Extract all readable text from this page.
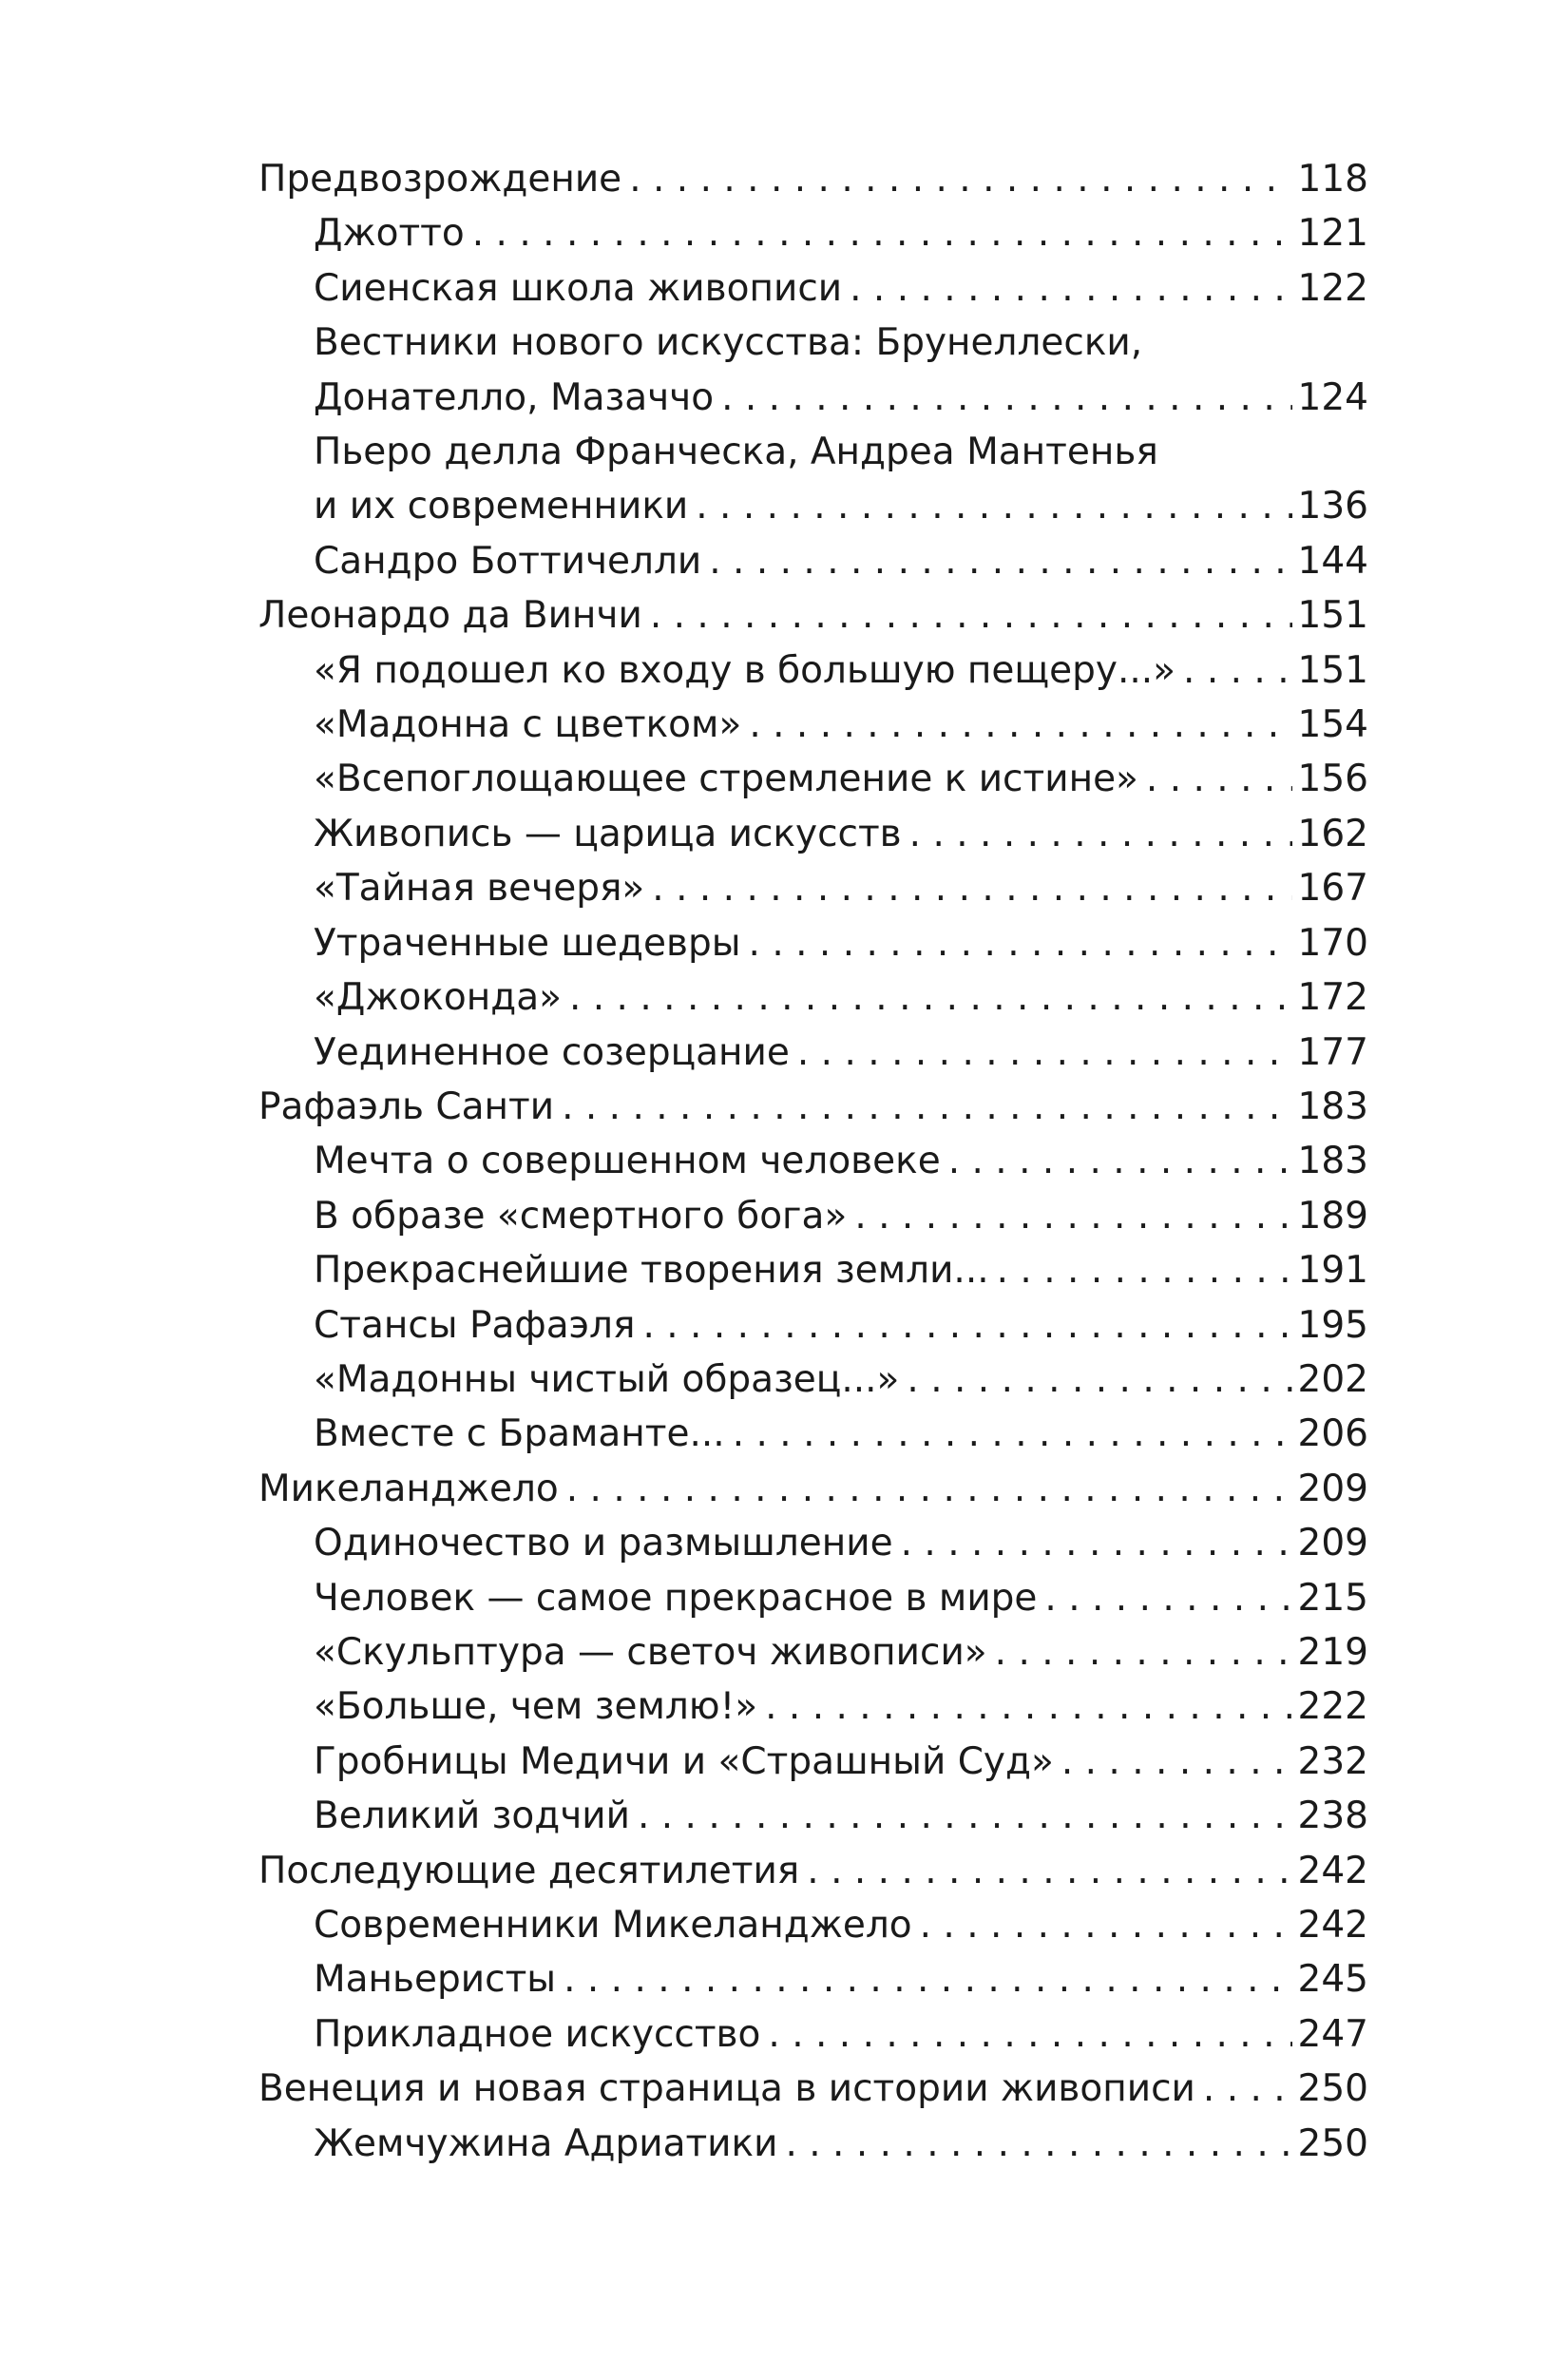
Предвозрождение . . .	118
Джотто . . .	121
Сиенская школа живописи . . .	122
Вестники нового искусства: Брунеллески,
Донателло, Мазаччо . . .	124
Пьеро делла Франческа, Андреа Мантенья
и их современники . . .	136
Сандро Боттичелли . . .	144
Леонардо да Винчи . . .	151
«Я подошел ко входу в большую пещеру...» . . .	151
«Мадонна с цветком» . . .	154
«Всепоглощающее стремление к истине» . . .	156
Живопись — царица искусств . . .	162
«Тайная вечеря» . . .	167
Утраченные шедевры . . .	170
«Джоконда» . . .	172
Уединенное созерцание . . .	177
Рафаэль Санти . . .	183
Мечта о совершенном человеке . . .	183
В образе «смертного бога» . . .	189
Прекраснейшие творения земли... . . .	191
Стансы Рафаэля . . .	195
«Мадонны чистый образец...» . . .	202
Вместе с Браманте... . . .	206
Микеланджело . . .	209
Одиночество и размышление . . .	209
Человек — самое прекрасное в мире . . .	215
«Скульптура — светоч живописи» . . .	219
«Больше, чем землю!» . . .	222
Гробницы Медичи и «Страшный Суд» . . .	232
Великий зодчий . . .	238
Последующие десятилетия . . .	242
Современники Микеланджело . . .	242
Маньеристы . . .	245
Прикладное искусство . . .	247
Венеция и новая страница в истории живописи . . .	250
Жемчужина Адриатики . . .	250
